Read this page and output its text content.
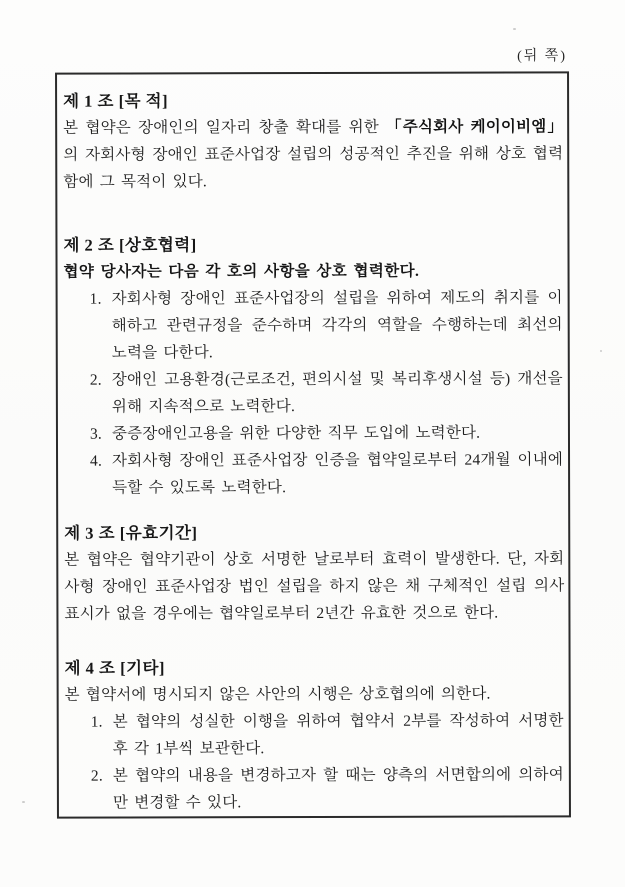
(뒤 쪽)
제 1 조 [목 적]
본 협약은 장애인의 일자리 창출 확대를 위한 「주식회사 케이이비엠」의 자회사형 장애인 표준사업장 설립의 성공적인 추진을 위해 상호 협력함에 그 목적이 있다.
제 2 조 [상호협력]
협약 당사자는 다음 각 호의 사항을 상호 협력한다.
1. 자회사형 장애인 표준사업장의 설립을 위하여 제도의 취지를 이해하고 관련규정을 준수하며 각각의 역할을 수행하는데 최선의 노력을 다한다.
2. 장애인 고용환경(근로조건, 편의시설 및 복리후생시설 등) 개선을 위해 지속적으로 노력한다.
3. 중증장애인고용을 위한 다양한 직무 도입에 노력한다.
4. 자회사형 장애인 표준사업장 인증을 협약일로부터 24개월 이내에 득할 수 있도록 노력한다.
제 3 조 [유효기간]
본 협약은 협약기관이 상호 서명한 날로부터 효력이 발생한다. 단, 자회사형 장애인 표준사업장 법인 설립을 하지 않은 채 구체적인 설립 의사 표시가 없을 경우에는 협약일로부터 2년간 유효한 것으로 한다.
제 4 조 [기타]
본 협약서에 명시되지 않은 사안의 시행은 상호협의에 의한다.
1. 본 협약의 성실한 이행을 위하여 협약서 2부를 작성하여 서명한 후 각 1부씩 보관한다.
2. 본 협약의 내용을 변경하고자 할 때는 양측의 서면합의에 의하여만 변경할 수 있다.
